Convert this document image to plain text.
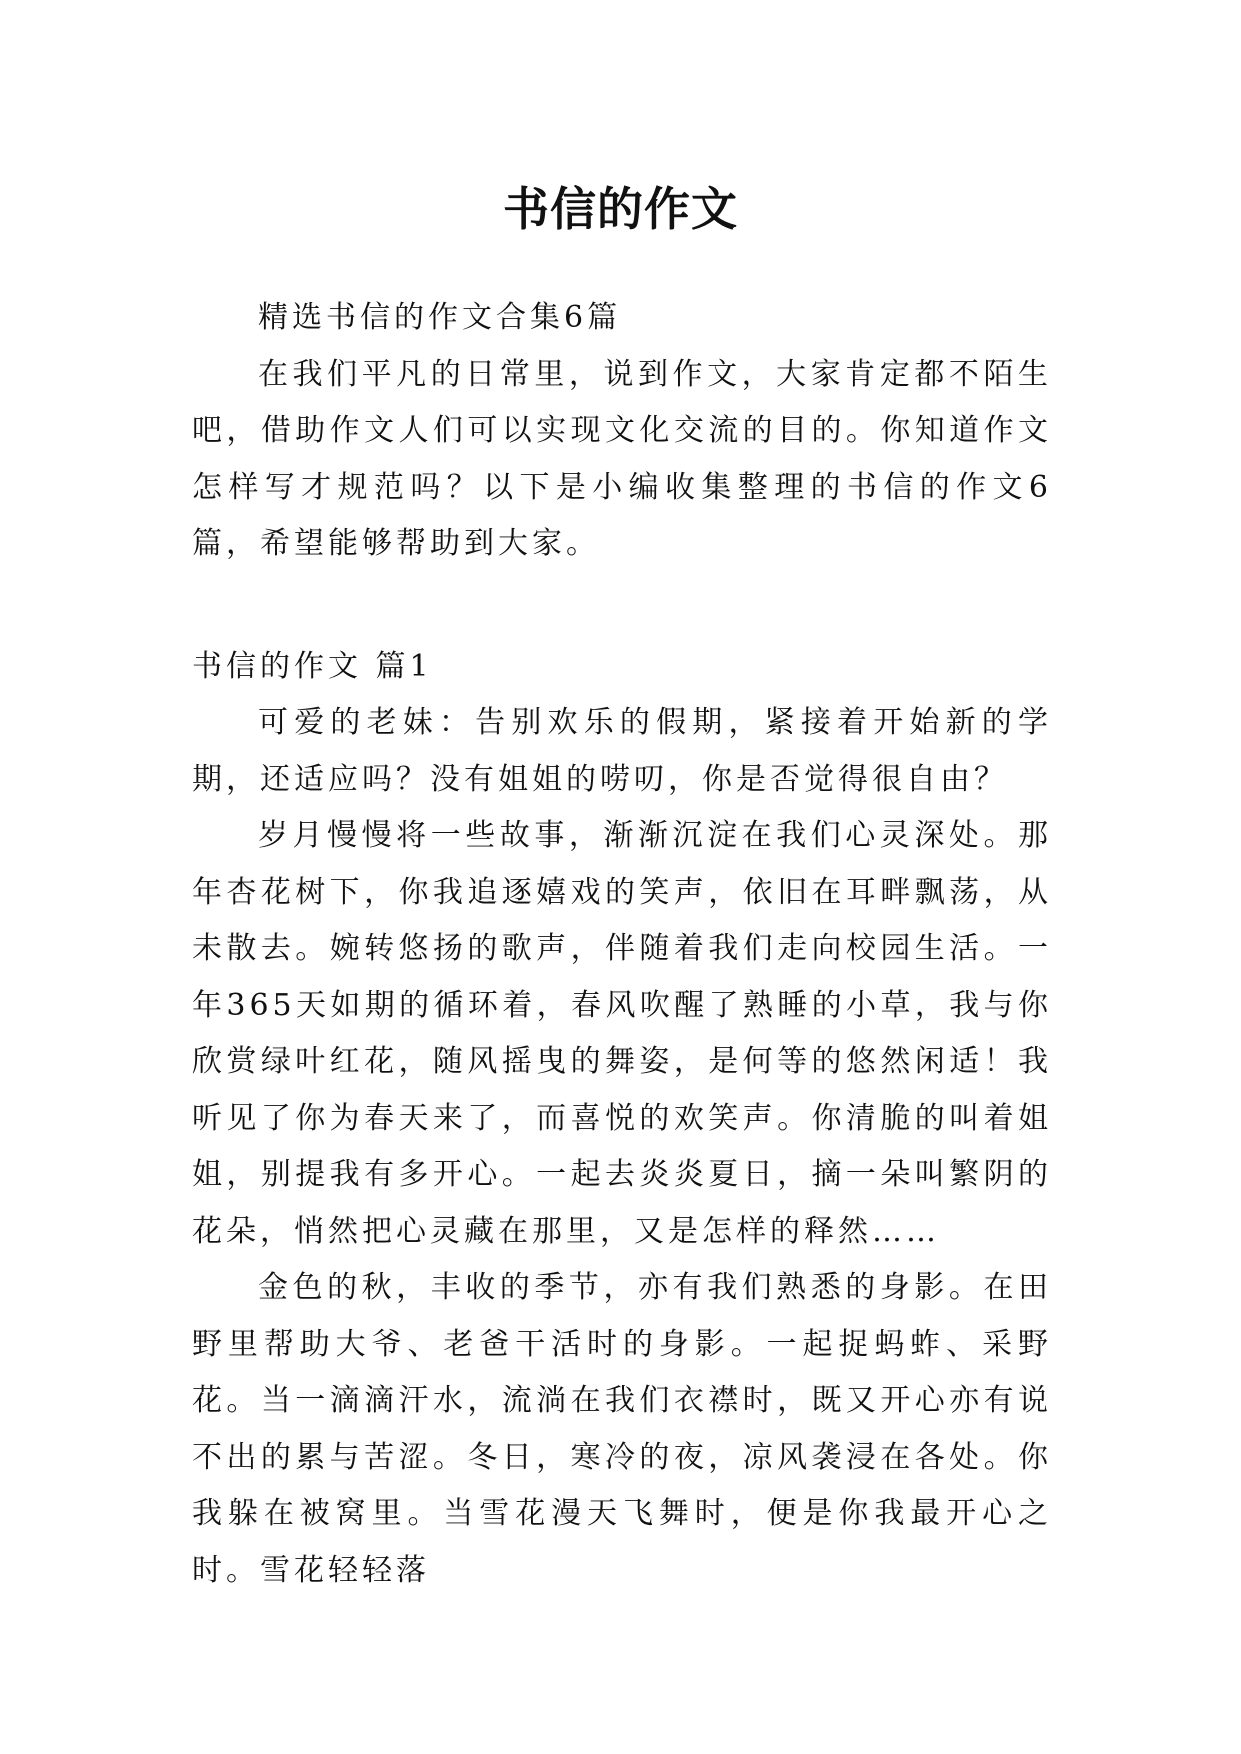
书信的作文

精选书信的作文合集6篇

在我们平凡的日常里，说到作文，大家肯定都不陌生吧，借助作文人们可以实现文化交流的目的。你知道作文怎样写才规范吗？以下是小编收集整理的书信的作文6篇，希望能够帮助到大家。

书信的作文 篇1

可爱的老妹：告别欢乐的假期，紧接着开始新的学期，还适应吗？没有姐姐的唠叨，你是否觉得很自由？

岁月慢慢将一些故事，渐渐沉淀在我们心灵深处。那年杏花树下，你我追逐嬉戏的笑声，依旧在耳畔飘荡，从未散去。婉转悠扬的歌声，伴随着我们走向校园生活。一年365天如期的循环着，春风吹醒了熟睡的小草，我与你欣赏绿叶红花，随风摇曳的舞姿，是何等的悠然闲适！我听见了你为春天来了，而喜悦的欢笑声。你清脆的叫着姐姐，别提我有多开心。一起去炎炎夏日，摘一朵叫繁阴的花朵，悄然把心灵藏在那里，又是怎样的释然……

金色的秋，丰收的季节，亦有我们熟悉的身影。在田野里帮助大爷、老爸干活时的身影。一起捉蚂蚱、采野花。当一滴滴汗水，流淌在我们衣襟时，既又开心亦有说不出的累与苦涩。冬日，寒冷的夜，凉风袭浸在各处。你我躲在被窝里。当雪花漫天飞舞时，便是你我最开心之时。雪花轻轻落
